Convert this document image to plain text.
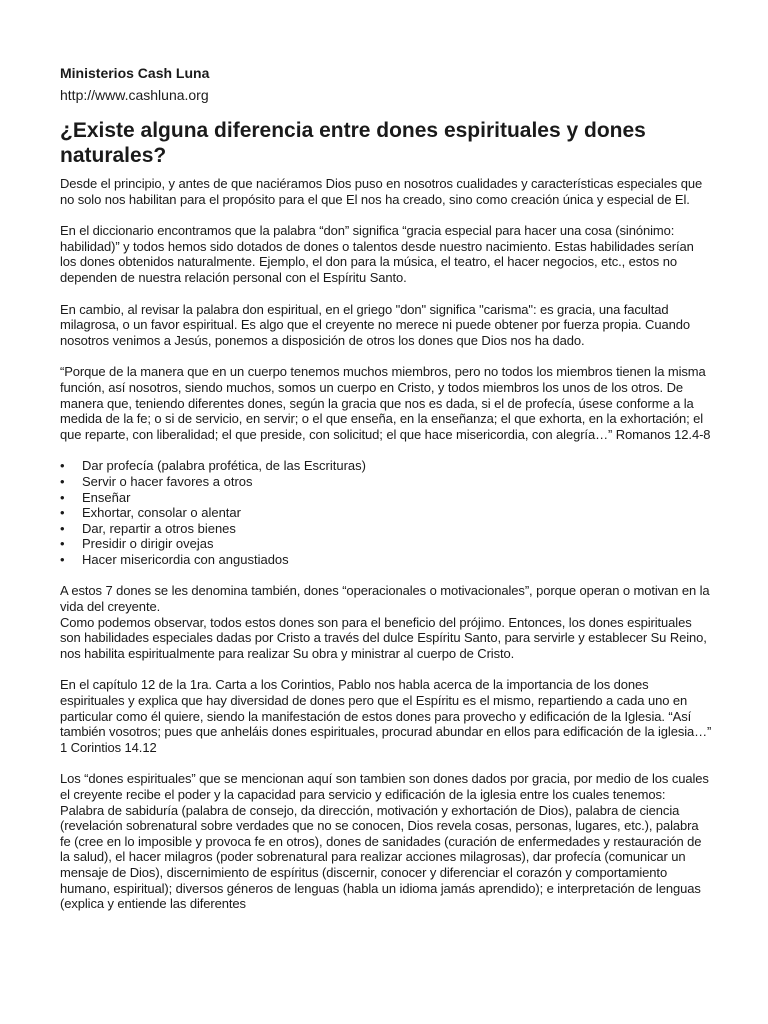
Ministerios Cash Luna
http://www.cashluna.org
¿Existe alguna diferencia entre dones espirituales y dones naturales?

Desde el principio, y antes de que naciéramos Dios puso en nosotros cualidades y características especiales que no solo nos habilitan para el propósito para el que El nos ha creado, sino como creación única y especial de El.

En el diccionario encontramos que la palabra “don” significa “gracia especial para hacer una cosa (sinónimo: habilidad)” y todos hemos sido dotados de dones o talentos desde nuestro nacimiento. Estas habilidades serían los dones obtenidos naturalmente. Ejemplo, el don para la música, el teatro, el hacer negocios, etc., estos no dependen de nuestra relación personal con el Espíritu Santo.

En cambio, al revisar la palabra don espiritual, en el griego "don" significa "carisma": es gracia, una facultad milagrosa, o un favor espiritual. Es algo que el creyente no merece ni puede obtener por fuerza propia. Cuando nosotros venimos a Jesús, ponemos a disposición de otros los dones que Dios nos ha dado.

“Porque de la manera que en un cuerpo tenemos muchos miembros, pero no todos los miembros tienen la misma función, así nosotros, siendo muchos, somos un cuerpo en Cristo, y todos miembros los unos de los otros. De manera que, teniendo diferentes dones, según la gracia que nos es dada, si el de profecía, úsese conforme a la medida de la fe; o si de servicio, en servir; o el que enseña, en la enseñanza; el que exhorta, en la exhortación; el que reparte, con liberalidad; el que preside, con solicitud; el que hace misericordia, con alegría…” Romanos 12.4-8

• Dar profecía (palabra profética, de las Escrituras)
• Servir o hacer favores a otros
• Enseñar
• Exhortar, consolar o alentar
• Dar, repartir a otros bienes
• Presidir o dirigir ovejas
• Hacer misericordia con angustiados

A estos 7 dones se les denomina también, dones “operacionales o motivacionales”, porque operan o motivan en la vida del creyente.

Como podemos observar, todos estos dones son para el beneficio del prójimo. Entonces, los dones espirituales son habilidades especiales dadas por Cristo a través del dulce Espíritu Santo, para servirle y establecer Su Reino, nos habilita espiritualmente para realizar Su obra y ministrar al cuerpo de Cristo.

En el capítulo 12 de la 1ra. Carta a los Corintios, Pablo nos habla acerca de la importancia de los dones espirituales y explica que hay diversidad de dones pero que el Espíritu es el mismo, repartiendo a cada uno en particular como él quiere, siendo la manifestación de estos dones para provecho y edificación de la Iglesia. “Así también vosotros; pues que anheláis dones espirituales, procurad abundar en ellos para edificación de la iglesia…” 1 Corintios 14.12

Los “dones espirituales” que se mencionan aquí son tambien son dones dados por gracia, por medio de los cuales el creyente recibe el poder y la capacidad para servicio y edificación de la iglesia entre los cuales tenemos: Palabra de sabiduría (palabra de consejo, da dirección, motivación y exhortación de Dios), palabra de ciencia (revelación sobrenatural sobre verdades que no se conocen, Dios revela cosas, personas, lugares, etc.), palabra fe (cree en lo imposible y provoca fe en otros), dones de sanidades (curación de enfermedades y restauración de la salud), el hacer milagros (poder sobrenatural para realizar acciones milagrosas), dar profecía (comunicar un mensaje de Dios), discernimiento de espíritus (discernir, conocer y diferenciar el corazón y comportamiento humano, espiritual); diversos géneros de lenguas (habla un idioma jamás aprendido); e interpretación de lenguas (explica y entiende las diferentes
